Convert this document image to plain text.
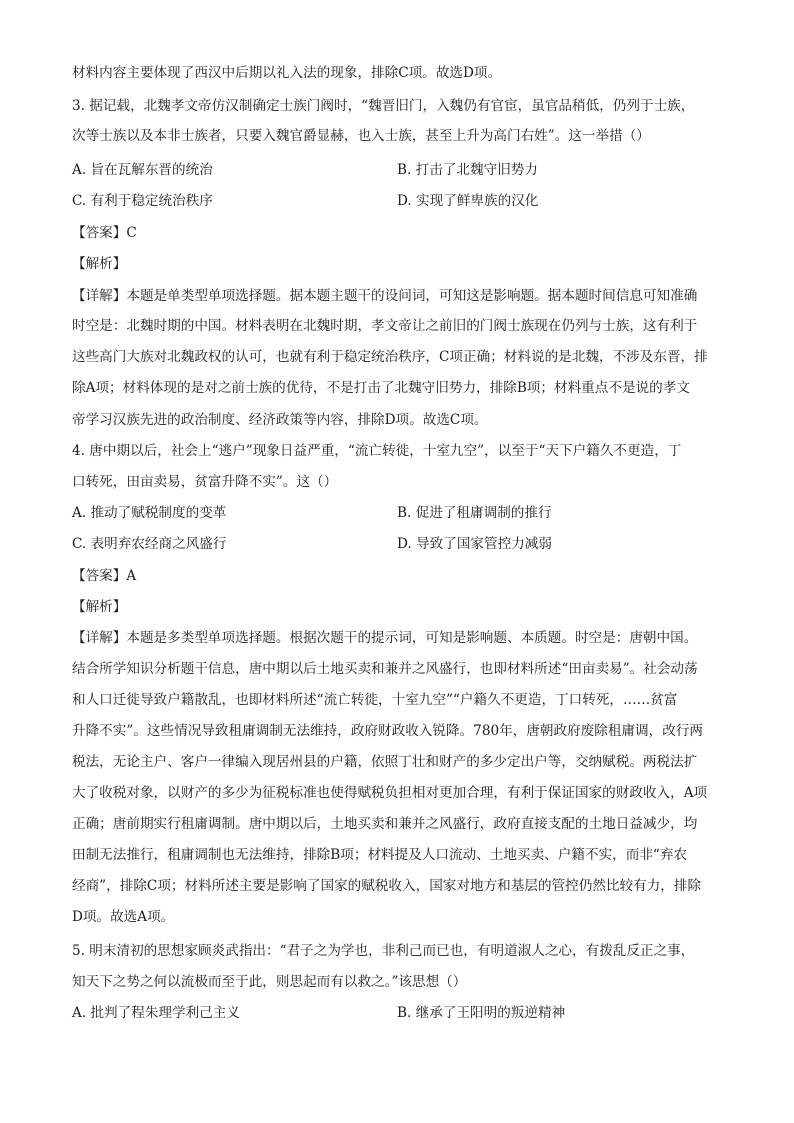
材料内容主要体现了西汉中后期以礼入法的现象，排除C项。故选D项。
3. 据记载，北魏孝文帝仿汉制确定士族门阀时，“魏晋旧门，入魏仍有官宦，虽官品稍低，仍列于士族，
次等士族以及本非士族者，只要入魏官爵显赫，也入士族，甚至上升为高门右姓”。这一举措（）
A. 旨在瓦解东晋的统治	B. 打击了北魏守旧势力
C. 有利于稳定统治秩序	D. 实现了鲜卑族的汉化
【答案】C
【解析】
【详解】本题是单类型单项选择题。据本题主题干的设问词，可知这是影响题。据本题时间信息可知准确
时空是：北魏时期的中国。材料表明在北魏时期，孝文帝让之前旧的门阀士族现在仍列与士族，这有利于
这些高门大族对北魏政权的认可，也就有利于稳定统治秩序，C项正确；材料说的是北魏，不涉及东晋，排
除A项；材料体现的是对之前士族的优待，不是打击了北魏守旧势力，排除B项；材料重点不是说的孝文
帝学习汉族先进的政治制度、经济政策等内容，排除D项。故选C项。
4. 唐中期以后，社会上“逃户”现象日益严重，“流亡转徙，十室九空”，以至于“天下户籍久不更造，丁
口转死，田亩卖易，贫富升降不实”。这（）
A. 推动了赋税制度的变革	B. 促进了租庸调制的推行
C. 表明弃农经商之风盛行	D. 导致了国家管控力减弱
【答案】A
【解析】
【详解】本题是多类型单项选择题。根据次题干的提示词，可知是影响题、本质题。时空是：唐朝中国。
结合所学知识分析题干信息，唐中期以后土地买卖和兼并之风盛行，也即材料所述“田亩卖易”。社会动荡
和人口迁徙导致户籍散乱，也即材料所述“流亡转徙，十室九空”“户籍久不更造，丁口转死，……贫富
升降不实”。这些情况导致租庸调制无法维持，政府财政收入锐降。780年，唐朝政府废除租庸调，改行两
税法，无论主户、客户一律编入现居州县的户籍，依照丁壮和财产的多少定出户等，交纳赋税。两税法扩
大了收税对象，以财产的多少为征税标准也使得赋税负担相对更加合理，有利于保证国家的财政收入，A项
正确；唐前期实行租庸调制。唐中期以后，土地买卖和兼并之风盛行，政府直接支配的土地日益减少，均
田制无法推行，租庸调制也无法维持，排除B项；材料提及人口流动、土地买卖、户籍不实，而非“弃农
经商”，排除C项；材料所述主要是影响了国家的赋税收入，国家对地方和基层的管控仍然比较有力，排除
D项。故选A项。
5. 明末清初的思想家顾炎武指出：“君子之为学也，非利己而已也，有明道淑人之心，有拨乱反正之事，
知天下之势之何以流极而至于此，则思起而有以救之。”该思想（）
A. 批判了程朱理学利己主义	B. 继承了王阳明的叛逆精神
